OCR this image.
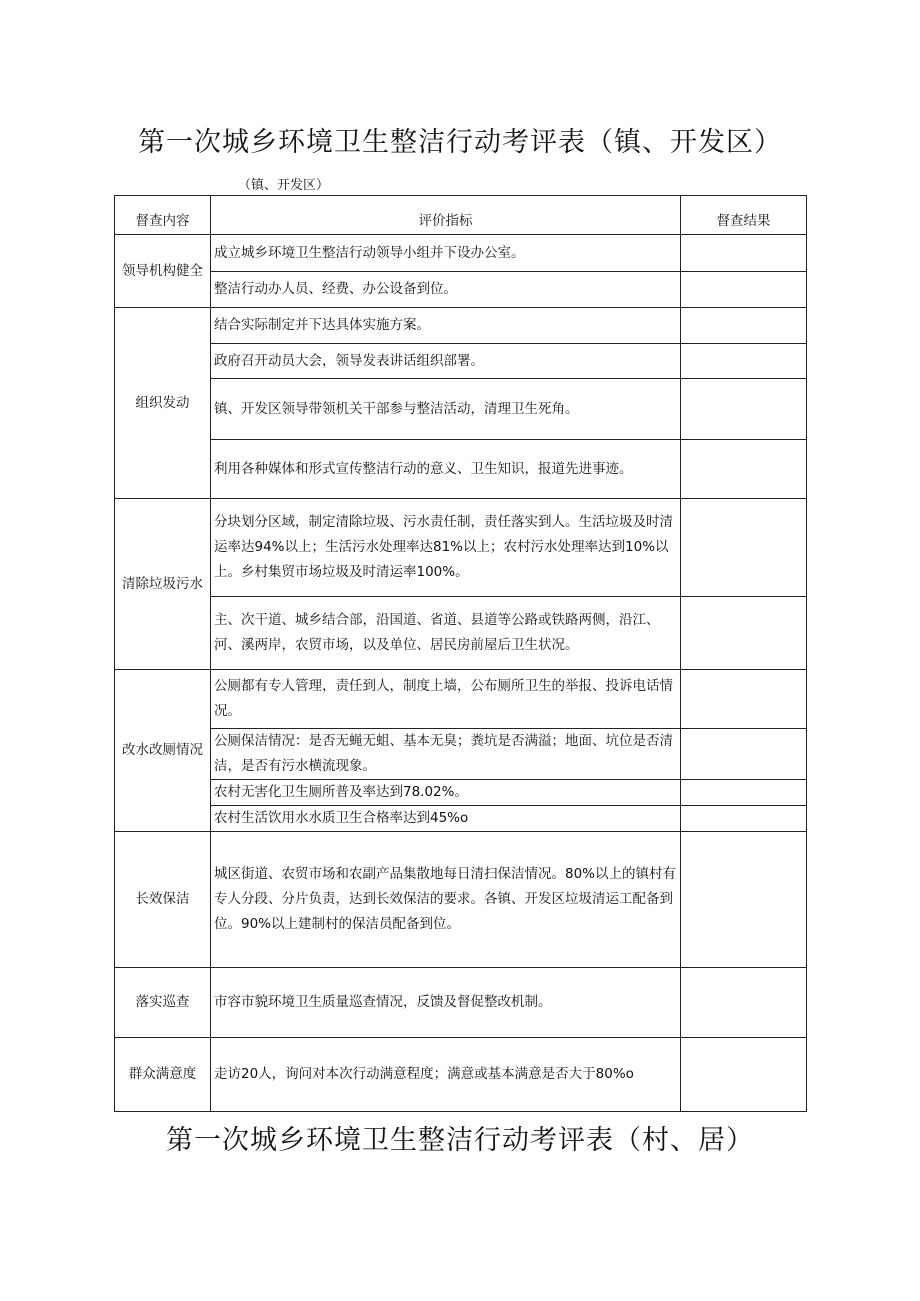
第一次城乡环境卫生整洁行动考评表（镇、开发区）
（镇、开发区）
督查内容	评价指标	督查结果
领导机构健全	成立城乡环境卫生整洁行动领导小组并下设办公室。	
	整洁行动办人员、经费、办公设备到位。	
组织发动	结合实际制定并下达具体实施方案。	
	政府召开动员大会，领导发表讲话组织部署。	
	镇、开发区领导带领机关干部参与整洁活动，清理卫生死角。	
	利用各种媒体和形式宣传整洁行动的意义、卫生知识，报道先进事迹。	
清除垃圾污水	分块划分区域，制定清除垃圾、污水责任制，责任落实到人。生活垃圾及时清运率达94%以上；生活污水处理率达81%以上；农村污水处理率达到10%以上。乡村集贸市场垃圾及时清运率100%。	
	主、次干道、城乡结合部，沿国道、省道、县道等公路或铁路两侧，沿江、河、溪两岸，农贸市场，以及单位、居民房前屋后卫生状况。	
改水改厕情况	公厕都有专人管理，责任到人，制度上墙，公布厕所卫生的举报、投诉电话情况。	
	公厕保洁情况：是否无蝇无蛆、基本无臭；粪坑是否满溢；地面、坑位是否清洁，是否有污水横流现象。	
	农村无害化卫生厕所普及率达到78.02%。	
	农村生活饮用水水质卫生合格率达到45%o	
长效保洁	城区街道、农贸市场和农副产品集散地每日清扫保洁情况。80%以上的镇村有专人分段、分片负责，达到长效保洁的要求。各镇、开发区垃圾清运工配备到位。90%以上建制村的保洁员配备到位。	
落实巡查	市容市貌环境卫生质量巡查情况，反馈及督促整改机制。	
群众满意度	走访20人，询问对本次行动满意程度；满意或基本满意是否大于80%o	
第一次城乡环境卫生整洁行动考评表（村、居）
